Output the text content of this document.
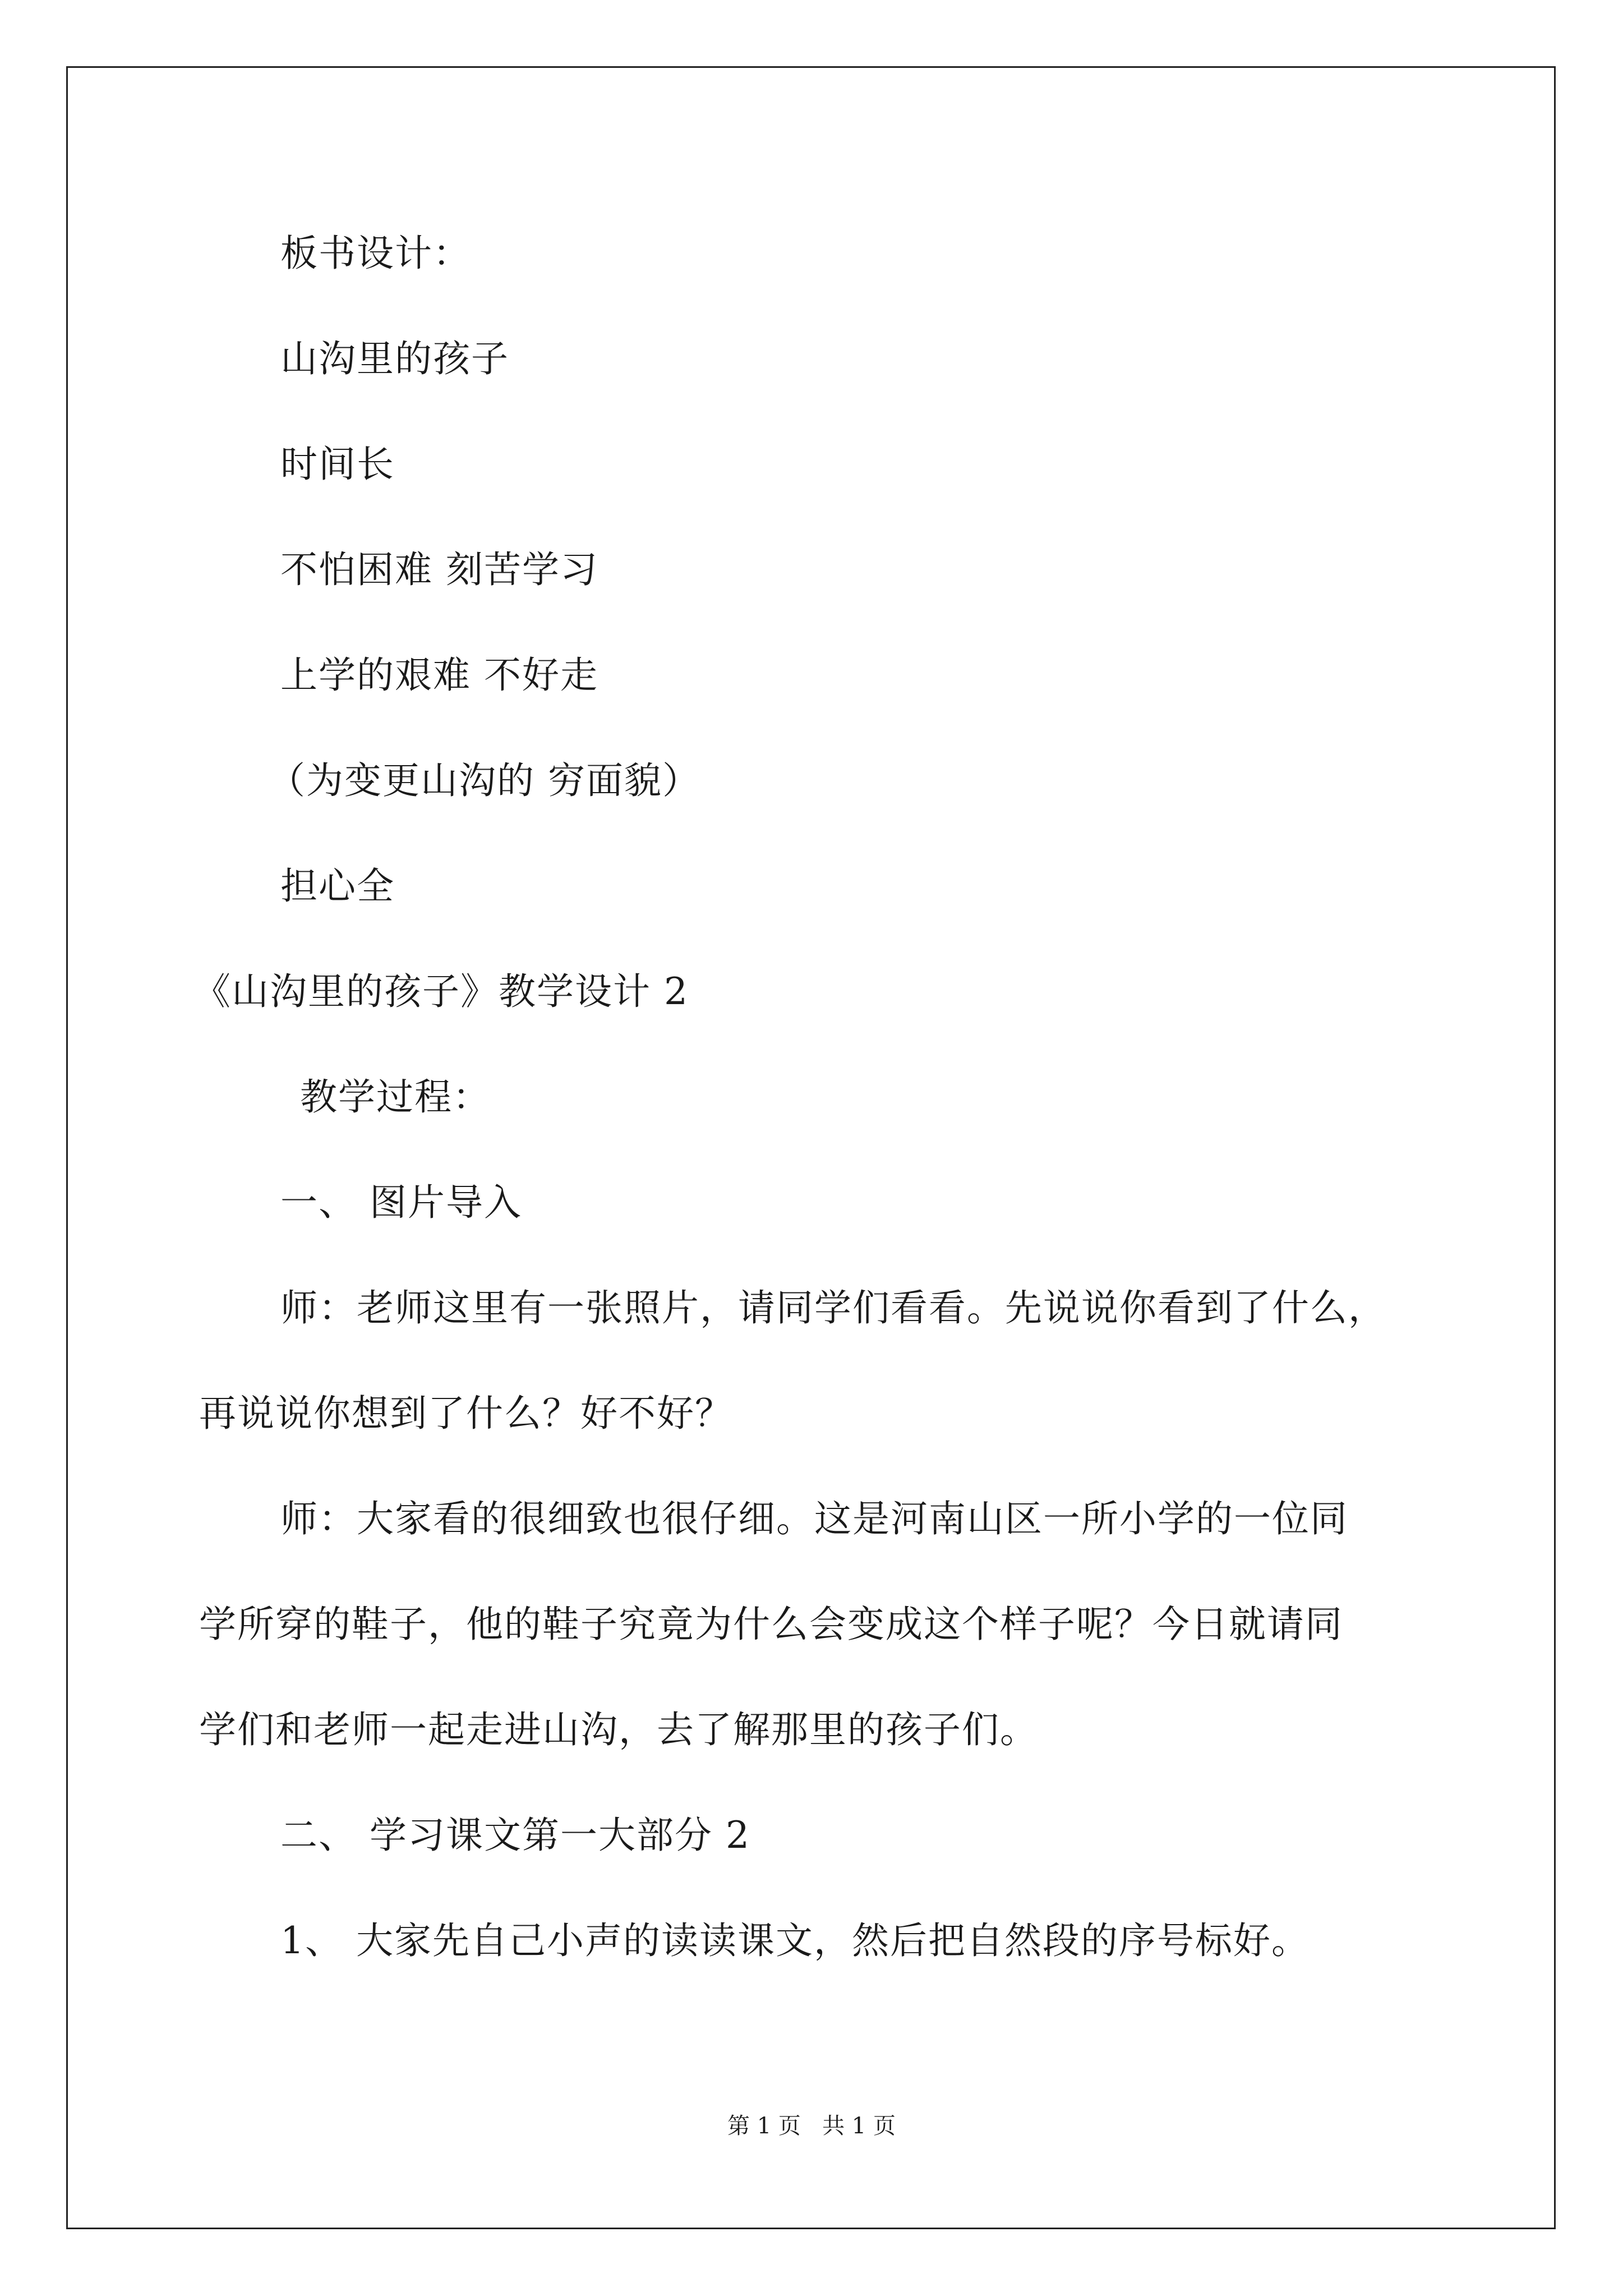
板书设计：
山沟里的孩子
时间长
不怕困难 刻苦学习
上学的艰难 不好走
（为变更山沟的 穷面貌）
担心全
《山沟里的孩子》教学设计 2
教学过程：
一、 图片导入
师：老师这里有一张照片，请同学们看看。先说说你看到了什么，
再说说你想到了什么？好不好？
师：大家看的很细致也很仔细。这是河南山区一所小学的一位同
学所穿的鞋子，他的鞋子究竟为什么会变成这个样子呢？今日就请同
学们和老师一起走进山沟，去了解那里的孩子们。
二、 学习课文第一大部分 2
1、 大家先自己小声的读读课文，然后把自然段的序号标好。
第 1 页   共 1 页
